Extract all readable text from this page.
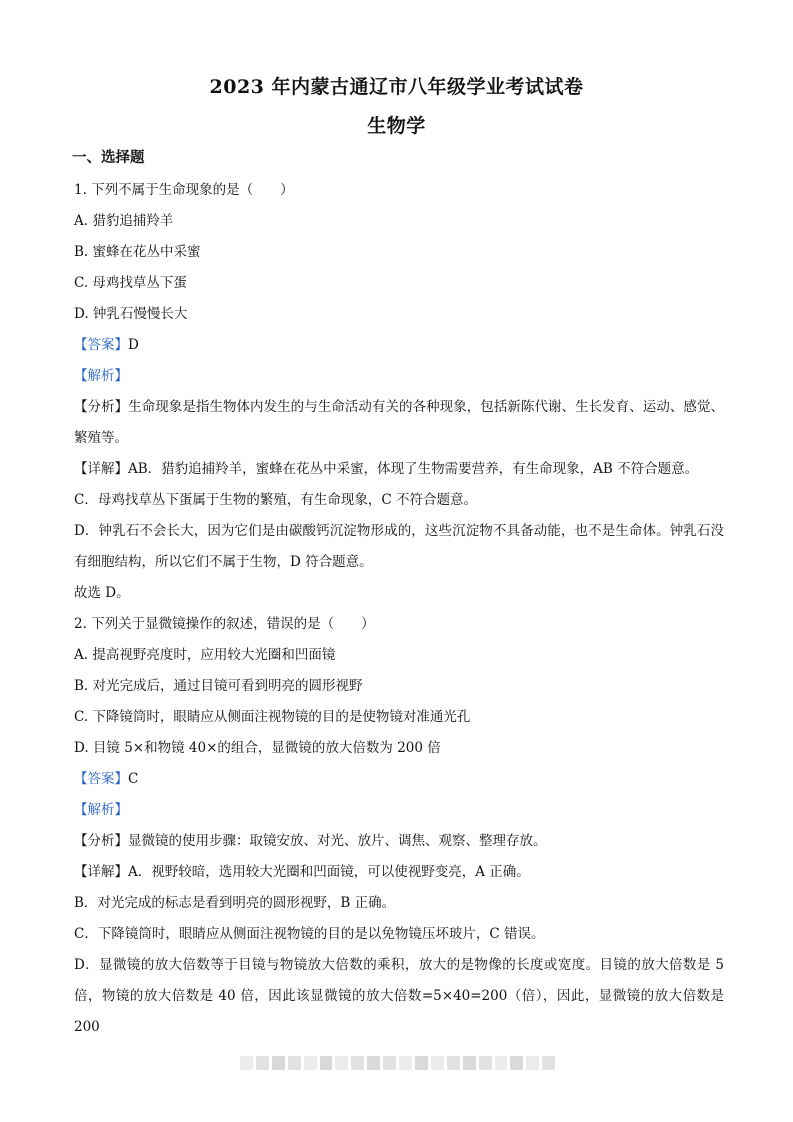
2023 年内蒙古通辽市八年级学业考试试卷
生物学
一、选择题

1. 下列不属于生命现象的是（　　）

A. 猎豹追捕羚羊

B. 蜜蜂在花丛中采蜜

C. 母鸡找草丛下蛋

D. 钟乳石慢慢长大

【答案】D

【解析】

【分析】生命现象是指生物体内发生的与生命活动有关的各种现象，包括新陈代谢、生长发育、运动、感觉、繁殖等。

【详解】AB．猎豹追捕羚羊，蜜蜂在花丛中采蜜，体现了生物需要营养，有生命现象，AB 不符合题意。

C．母鸡找草丛下蛋属于生物的繁殖，有生命现象，C 不符合题意。

D．钟乳石不会长大，因为它们是由碳酸钙沉淀物形成的，这些沉淀物不具备动能，也不是生命体。钟乳石没有细胞结构，所以它们不属于生物，D 符合题意。

故选 D。

2. 下列关于显微镜操作的叙述，错误的是（　　）

A. 提高视野亮度时，应用较大光圈和凹面镜

B. 对光完成后，通过目镜可看到明亮的圆形视野

C. 下降镜筒时，眼睛应从侧面注视物镜的目的是使物镜对准通光孔

D. 目镜 5×和物镜 40×的组合，显微镜的放大倍数为 200 倍

【答案】C

【解析】

【分析】显微镜的使用步骤：取镜安放、对光、放片、调焦、观察、整理存放。

【详解】A．视野较暗，选用较大光圈和凹面镜，可以使视野变亮，A 正确。

B．对光完成的标志是看到明亮的圆形视野，B 正确。

C．下降镜筒时，眼睛应从侧面注视物镜的目的是以免物镜压坏玻片，C 错误。

D．显微镜的放大倍数等于目镜与物镜放大倍数的乘积，放大的是物像的长度或宽度。目镜的放大倍数是 5 倍，物镜的放大倍数是 40 倍，因此该显微镜的放大倍数=5×40=200（倍），因此，显微镜的放大倍数是 200
